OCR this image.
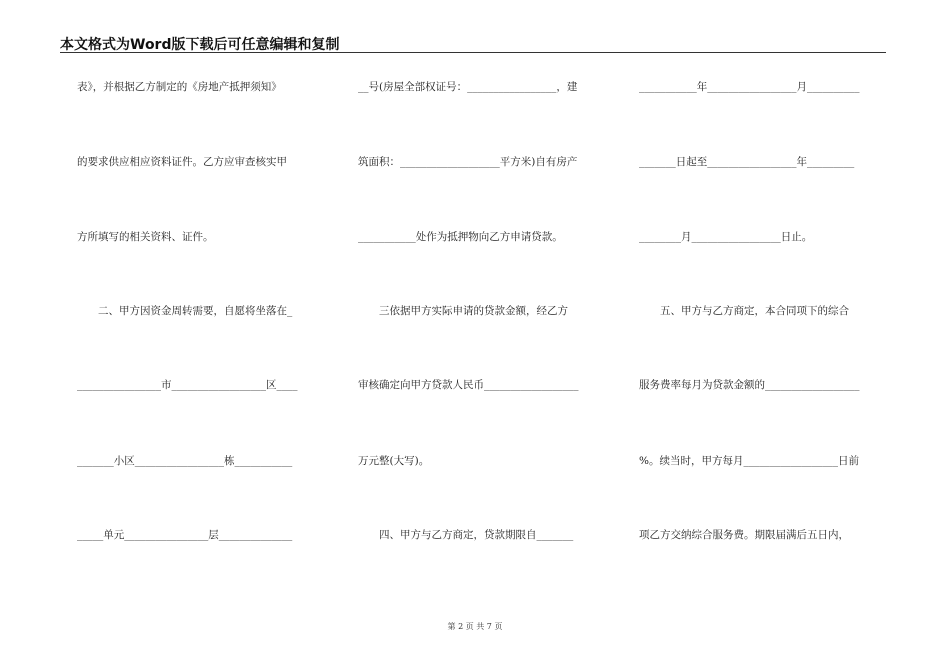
本文格式为Word版下载后可任意编辑和复制
表》，并根据乙方制定的《房地产抵押须知》
的要求供应相应资料证件。乙方应审查核实甲
方所填写的相关资料、证件。
　　二、甲方因资金周转需要，自愿将坐落在_
________________市__________________区____
_______小区_________________栋___________
_____单元________________层______________
__号(房屋全部权证号：_________________，建
筑面积：___________________平方米)自有房产
___________处作为抵押物向乙方申请贷款。
　　三依据甲方实际申请的贷款金额，经乙方
审核确定向甲方贷款人民币__________________
万元整(大写)。
　　四、甲方与乙方商定，贷款期限自_______
___________年_________________月__________
_______日起至_________________年_________
________月_________________日止。
　　五、甲方与乙方商定，本合同项下的综合
服务费率每月为贷款金额的__________________
%。续当时，甲方每月__________________日前
项乙方交纳综合服务费。期限届满后五日内，
第 2 页 共 7 页
